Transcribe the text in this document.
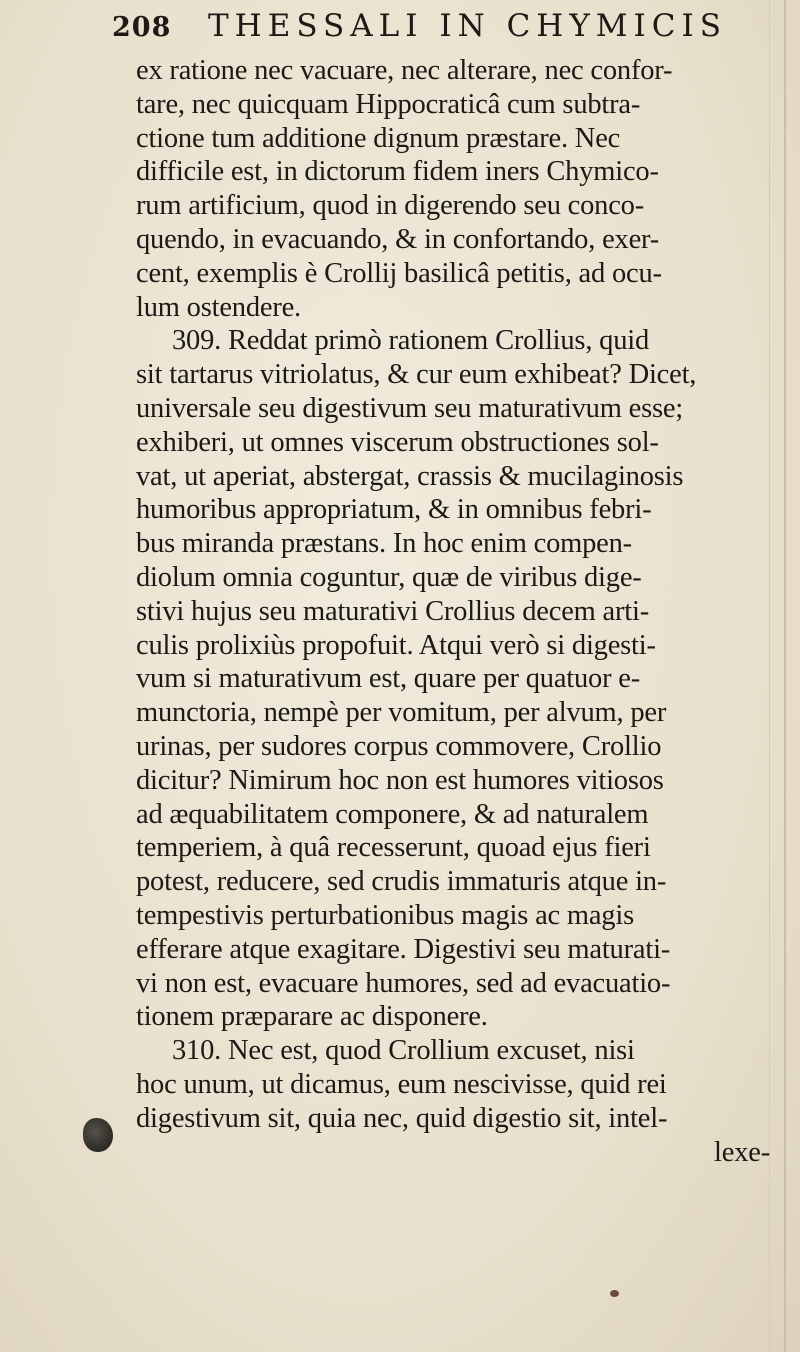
208 THESSALI IN CHYMICIS
ex ratione nec vacuare, nec alterare, nec confor-
tare, nec quicquam Hippocraticâ cum subtra-
ctione tum additione dignum præstare. Nec
difficile est, in dictorum fidem iners Chymico-
rum artificium, quod in digerendo seu conco-
quendo, in evacuando, & in confortando, exer-
cent, exemplis è Crollij basilicâ petitis, ad ocu-
lum ostendere.
309. Reddat primò rationem Crollius, quid
sit tartarus vitriolatus, & cur eum exhibeat? Dicet,
universale seu digestivum seu maturativum esse;
exhiberi, ut omnes viscerum obstructiones sol-
vat, ut aperiat, abstergat, crassis & mucilaginosis
humoribus appropriatum, & in omnibus febri-
bus miranda præstans. In hoc enim compen-
diolum omnia coguntur, quæ de viribus dige-
stivi hujus seu maturativi Crollius decem arti-
culis prolixiùs propofuit. Atqui verò si digesti-
vum si maturativum est, quare per quatuor e-
munctoria, nempè per vomitum, per alvum, per
urinas, per sudores corpus commovere, Crollio
dicitur? Nimirum hoc non est humores vitiosos
ad æquabilitatem componere, & ad naturalem
temperiem, à quâ recesserunt, quoad ejus fieri
potest, reducere, sed crudis immaturis atque in-
tempestivis perturbationibus magis ac magis
efferare atque exagitare. Digestivi seu maturati-
vi non est, evacuare humores, sed ad evacuatio-
tionem præparare ac disponere.
310. Nec est, quod Crollium excuset, nisi
hoc unum, ut dicamus, eum nescivisse, quid rei
digestivum sit, quia nec, quid digestio sit, intel-
lexe-
